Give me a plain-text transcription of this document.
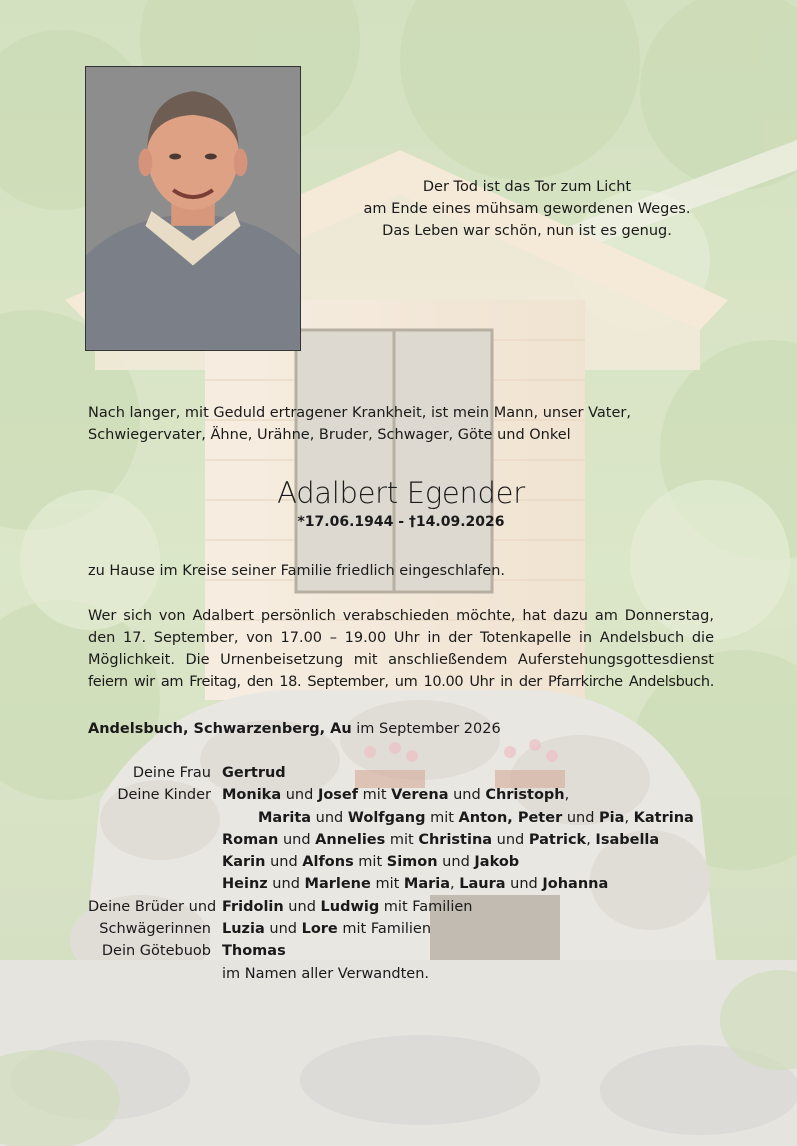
Der Tod ist das Tor zum Licht
am Ende eines mühsam gewordenen Weges.
Das Leben war schön, nun ist es genug.
Nach langer, mit Geduld ertragener Krankheit, ist mein Mann, unser Vater,
Schwiegervater, Ähne, Urähne, Bruder, Schwager, Göte und Onkel
Adalbert Egender
*17.06.1944 - †14.09.2026
zu Hause im Kreise seiner Familie friedlich eingeschlafen.
Wer sich von Adalbert persönlich verabschieden möchte, hat dazu am Donnerstag,
den 17. September, von 17.00 – 19.00 Uhr in der Totenkapelle in Andelsbuch die
Möglichkeit. Die Urnenbeisetzung mit anschließendem Auferstehungsgottesdienst
feiern wir am Freitag, den 18. September, um 10.00 Uhr in der Pfarrkirche Andelsbuch.
Andelsbuch, Schwarzenberg, Au im September 2026
Deine Frau Gertrud
Deine Kinder Monika und Josef mit Verena und Christoph,
Marita und Wolfgang mit Anton, Peter und Pia, Katrina
Roman und Annelies mit Christina und Patrick, Isabella
Karin und Alfons mit Simon und Jakob
Heinz und Marlene mit Maria, Laura und Johanna
Deine Brüder und Fridolin und Ludwig mit Familien
Schwägerinnen Luzia und Lore mit Familien
Dein Götebuob Thomas
im Namen aller Verwandten.
